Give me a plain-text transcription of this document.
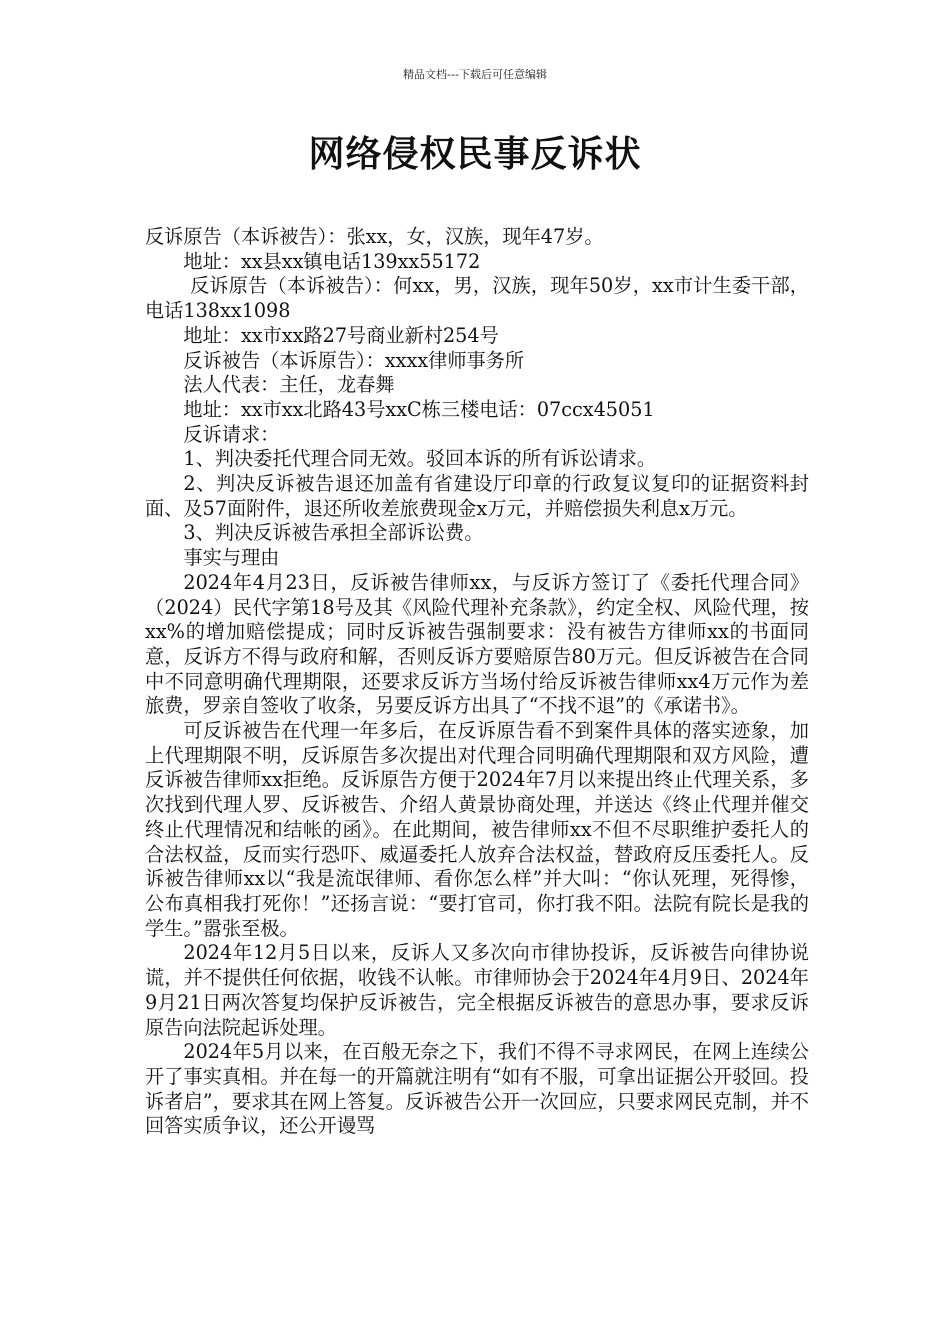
精品文档---下载后可任意编辑
网络侵权民事反诉状

反诉原告（本诉被告）：张xx，女，汉族，现年47岁。

地址：xx县xx镇电话139xx55172

反诉原告（本诉被告）：何xx，男，汉族，现年50岁，xx市计生委干部，电话138xx1098

地址：xx市xx路27号商业新村254号

反诉被告（本诉原告）：xxxx律师事务所

法人代表：主任，龙春舞

地址：xx市xx北路43号xxC栋三楼电话：07ccx45051

反诉请求：

1、判决委托代理合同无效。驳回本诉的所有诉讼请求。

2、判决反诉被告退还加盖有省建设厅印章的行政复议复印的证据资料封面、及57面附件，退还所收差旅费现金x万元，并赔偿损失利息x万元。

3、判决反诉被告承担全部诉讼费。

事实与理由

2024年4月23日，反诉被告律师xx，与反诉方签订了《委托代理合同》（2024）民代字第18号及其《风险代理补充条款》，约定全权、风险代理，按xx%的增加赔偿提成；同时反诉被告强制要求：没有被告方律师xx的书面同意，反诉方不得与政府和解，否则反诉方要赔原告80万元。但反诉被告在合同中不同意明确代理期限，还要求反诉方当场付给反诉被告律师xx4万元作为差旅费，罗亲自签收了收条，另要反诉方出具了“不找不退”的《承诺书》。

可反诉被告在代理一年多后，在反诉原告看不到案件具体的落实迹象，加上代理期限不明，反诉原告多次提出对代理合同明确代理期限和双方风险，遭反诉被告律师xx拒绝。反诉原告方便于2024年7月以来提出终止代理关系，多次找到代理人罗、反诉被告、介绍人黄景协商处理，并送达《终止代理并催交终止代理情况和结帐的函》。在此期间，被告律师xx不但不尽职维护委托人的合法权益，反而实行恐吓、威逼委托人放弃合法权益，替政府反压委托人。反诉被告律师xx以“我是流氓律师、看你怎么样”并大叫：“你认死理，死得惨，公布真相我打死你！”还扬言说：“要打官司，你打我不阳。法院有院长是我的学生。”嚣张至极。

2024年12月5日以来，反诉人又多次向市律协投诉，反诉被告向律协说谎，并不提供任何依据，收钱不认帐。市律师协会于2024年4月9日、2024年9月21日两次答复均保护反诉被告，完全根据反诉被告的意思办事，要求反诉原告向法院起诉处理。

2024年5月以来，在百般无奈之下，我们不得不寻求网民，在网上连续公开了事实真相。并在每一的开篇就注明有“如有不服，可拿出证据公开驳回。投诉者启”，要求其在网上答复。反诉被告公开一次回应，只要求网民克制，并不回答实质争议，还公开谩骂
